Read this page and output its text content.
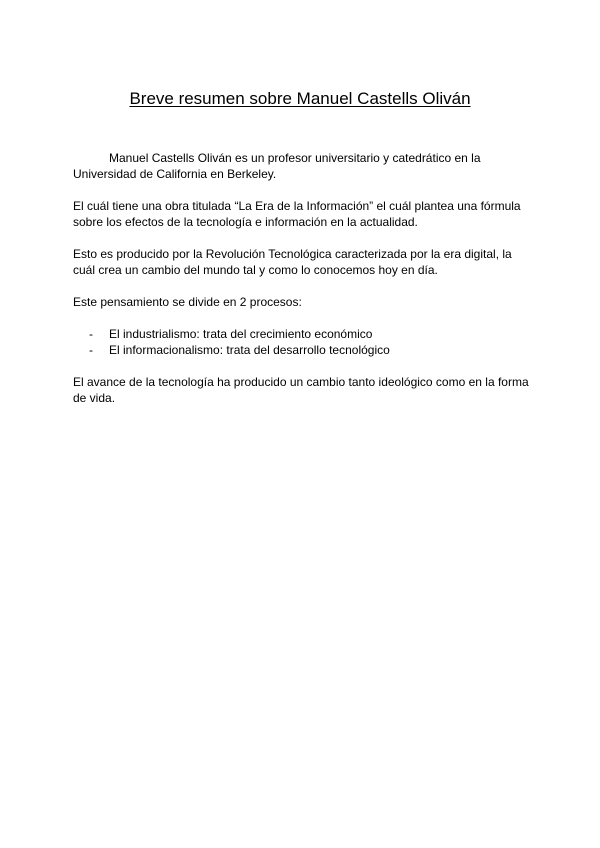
Breve resumen sobre Manuel Castells Oliván

Manuel Castells Oliván es un profesor universitario y catedrático en la Universidad de California en Berkeley.

El cuál tiene una obra titulada “La Era de la Información” el cuál plantea una fórmula sobre los efectos de la tecnología e información en la actualidad.

Esto es producido por la Revolución Tecnológica caracterizada por la era digital, la cuál crea un cambio del mundo tal y como lo conocemos hoy en día.

Este pensamiento se divide en 2 procesos:

- El industrialismo: trata del crecimiento económico
- El informacionalismo: trata del desarrollo tecnológico

El avance de la tecnología ha producido un cambio tanto ideológico como en la forma de vida.
